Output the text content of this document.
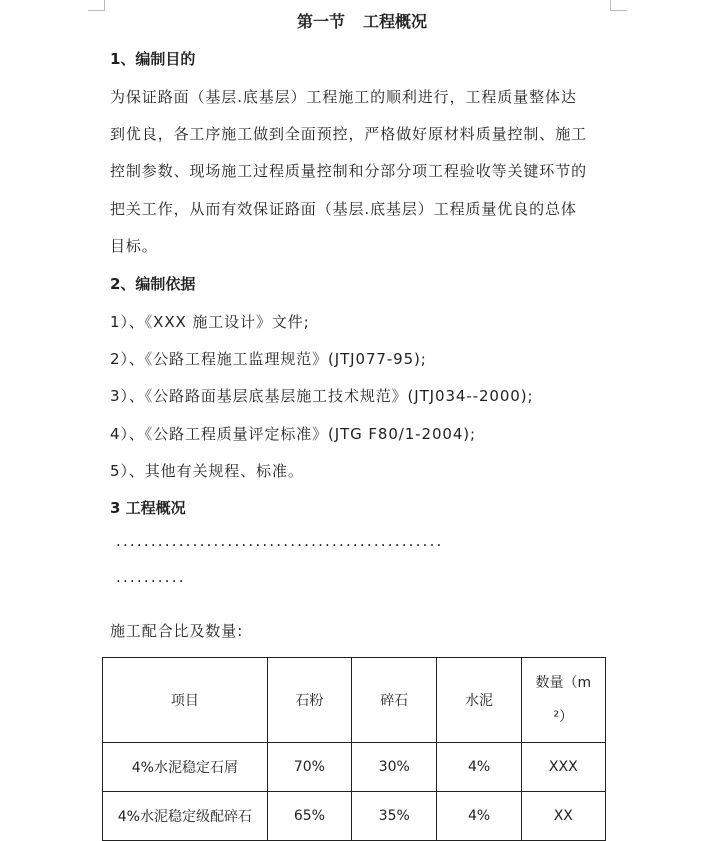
第一节 工程概况
1、编制目的
为保证路面（基层.底基层）工程施工的顺利进行，工程质量整体达
到优良，各工序施工做到全面预控，严格做好原材料质量控制、施工
控制参数、现场施工过程质量控制和分部分项工程验收等关键环节的
把关工作，从而有效保证路面（基层.底基层）工程质量优良的总体
目标。
2、编制依据
1）、《XXX 施工设计》文件;
2）、《公路工程施工监理规范》(JTJ077-95);
3）、《公路路面基层底基层施工技术规范》(JTJ034--2000);
4）、《公路工程质量评定标准》(JTG F80/1-2004);
5）、其他有关规程、标准。
3 工程概况
...............................................
..........
施工配合比及数量:
项目	石粉	碎石	水泥	数量（m
²）
4%水泥稳定石屑	70%	30%	4%	XXX
4%水泥稳定级配碎石	65%	35%	4%	XX
